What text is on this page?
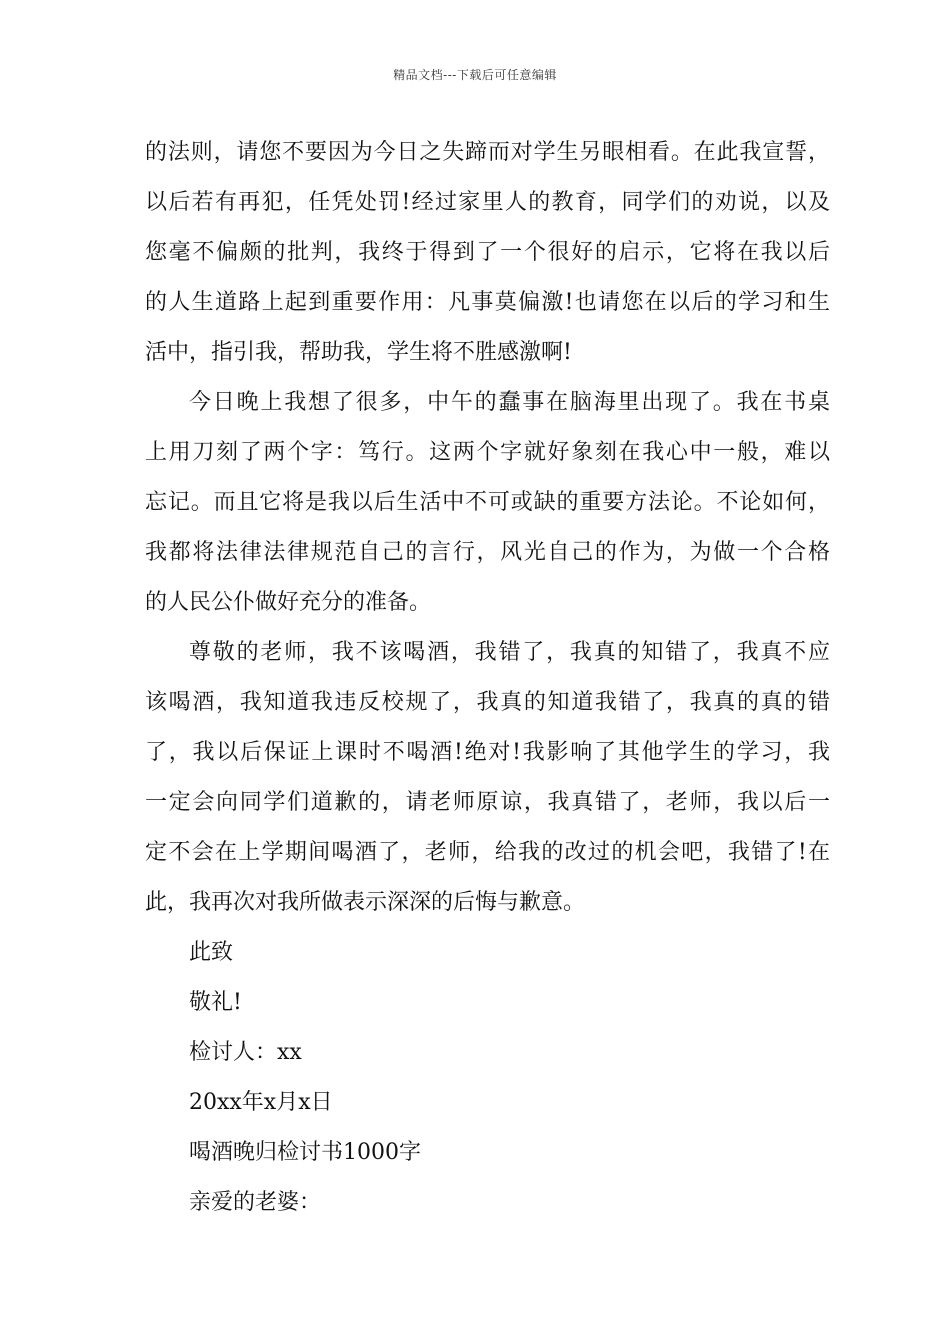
精品文档---下载后可任意编辑
的法则，请您不要因为今日之失蹄而对学生另眼相看。在此我宣誓，
以后若有再犯，任凭处罚!经过家里人的教育，同学们的劝说，以及
您毫不偏颇的批判，我终于得到了一个很好的启示，它将在我以后
的人生道路上起到重要作用：凡事莫偏激!也请您在以后的学习和生
活中，指引我，帮助我，学生将不胜感激啊!
今日晚上我想了很多，中午的蠢事在脑海里出现了。我在书桌
上用刀刻了两个字：笃行。这两个字就好象刻在我心中一般，难以
忘记。而且它将是我以后生活中不可或缺的重要方法论。不论如何，
我都将法律法律规范自己的言行，风光自己的作为，为做一个合格
的人民公仆做好充分的准备。
尊敬的老师，我不该喝酒，我错了，我真的知错了，我真不应
该喝酒，我知道我违反校规了，我真的知道我错了，我真的真的错
了，我以后保证上课时不喝酒!绝对!我影响了其他学生的学习，我
一定会向同学们道歉的，请老师原谅，我真错了，老师，我以后一
定不会在上学期间喝酒了，老师，给我的改过的机会吧，我错了!在
此，我再次对我所做表示深深的后悔与歉意。
此致
敬礼!
检讨人：xx
20xx年x月x日
喝酒晚归检讨书1000字
亲爱的老婆：
